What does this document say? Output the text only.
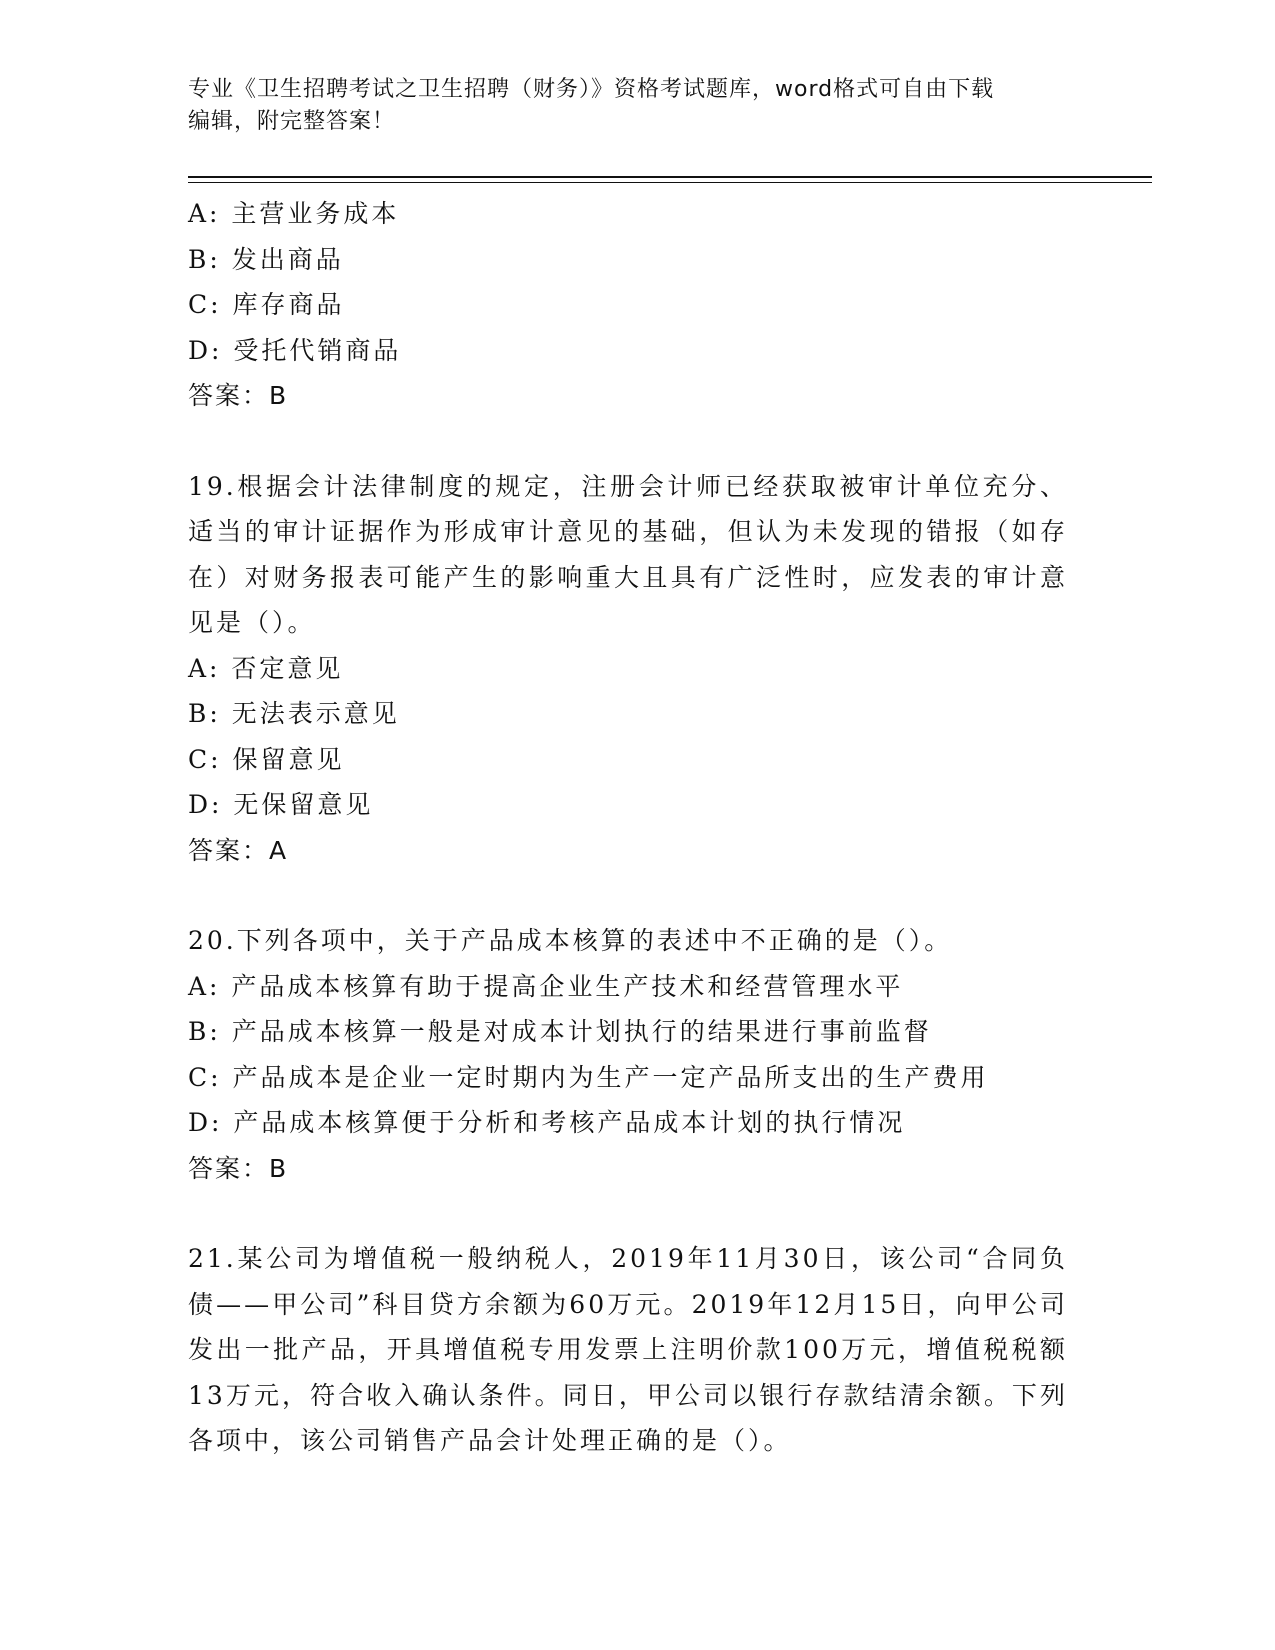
专业《卫生招聘考试之卫生招聘（财务）》资格考试题库，word格式可自由下载
编辑，附完整答案！
A: 主营业务成本
B: 发出商品
C: 库存商品
D: 受托代销商品
答案：B
19.根据会计法律制度的规定，注册会计师已经获取被审计单位充分、适当的审计证据作为形成审计意见的基础，但认为未发现的错报（如存在）对财务报表可能产生的影响重大且具有广泛性时，应发表的审计意见是（）。
A: 否定意见
B: 无法表示意见
C: 保留意见
D: 无保留意见
答案：A
20.下列各项中，关于产品成本核算的表述中不正确的是（）。
A: 产品成本核算有助于提高企业生产技术和经营管理水平
B: 产品成本核算一般是对成本计划执行的结果进行事前监督
C: 产品成本是企业一定时期内为生产一定产品所支出的生产费用
D: 产品成本核算便于分析和考核产品成本计划的执行情况
答案：B
21.某公司为增值税一般纳税人，2019年11月30日，该公司“合同负债——甲公司”科目贷方余额为60万元。2019年12月15日，向甲公司发出一批产品，开具增值税专用发票上注明价款100万元，增值税税额13万元，符合收入确认条件。同日，甲公司以银行存款结清余额。下列各项中，该公司销售产品会计处理正确的是（）。
